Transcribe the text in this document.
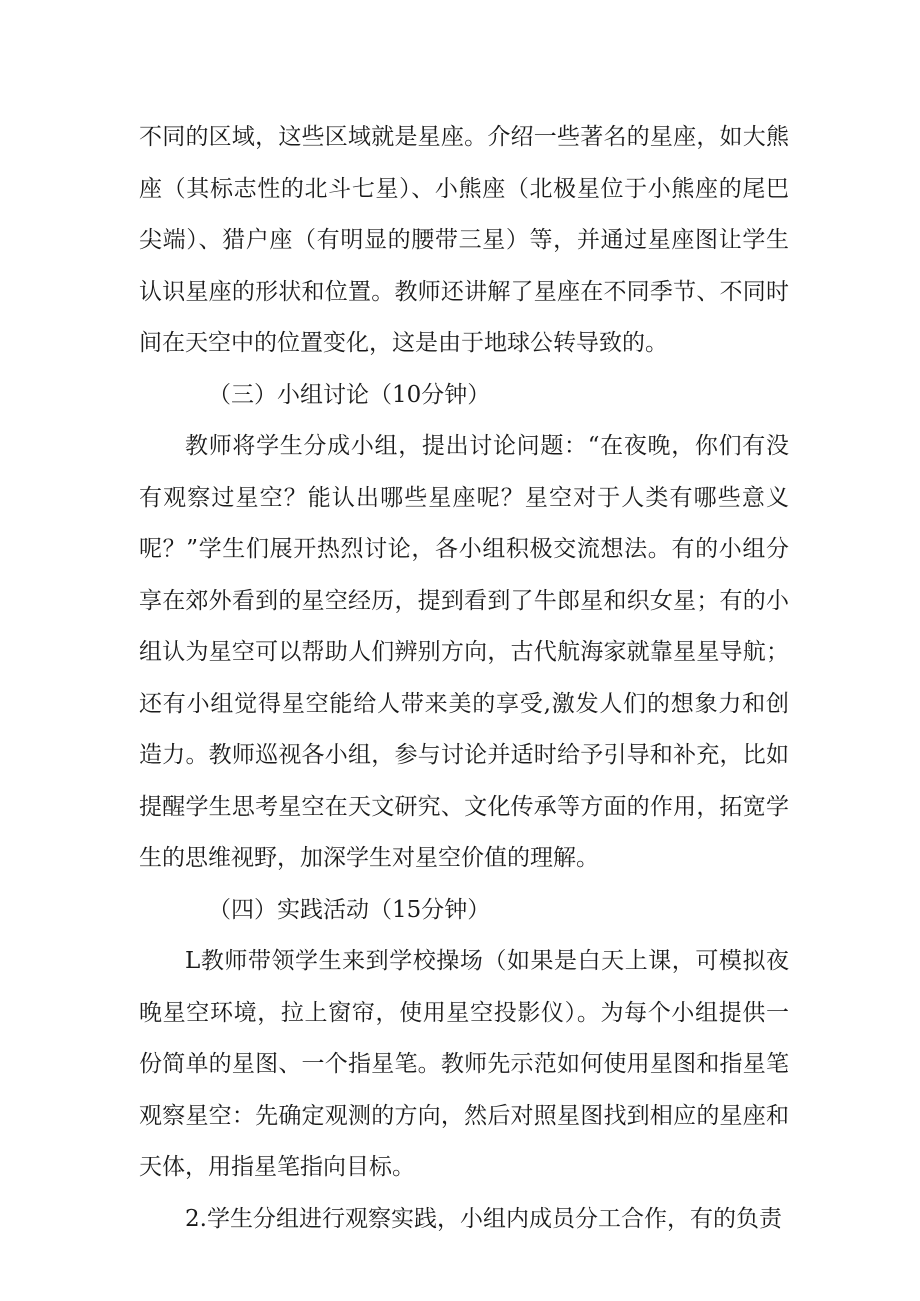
不同的区域，这些区域就是星座。介绍一些著名的星座，如大熊座（其标志性的北斗七星）、小熊座（北极星位于小熊座的尾巴尖端）、猎户座（有明显的腰带三星）等，并通过星座图让学生认识星座的形状和位置。教师还讲解了星座在不同季节、不同时间在天空中的位置变化，这是由于地球公转导致的。

（三）小组讨论（10分钟）

教师将学生分成小组，提出讨论问题：“在夜晚，你们有没有观察过星空？能认出哪些星座呢？星空对于人类有哪些意义呢？”学生们展开热烈讨论，各小组积极交流想法。有的小组分享在郊外看到的星空经历，提到看到了牛郎星和织女星；有的小组认为星空可以帮助人们辨别方向，古代航海家就靠星星导航；还有小组觉得星空能给人带来美的享受,激发人们的想象力和创造力。教师巡视各小组，参与讨论并适时给予引导和补充，比如提醒学生思考星空在天文研究、文化传承等方面的作用，拓宽学生的思维视野，加深学生对星空价值的理解。

（四）实践活动（15分钟）

L教师带领学生来到学校操场（如果是白天上课，可模拟夜晚星空环境，拉上窗帘，使用星空投影仪）。为每个小组提供一份简单的星图、一个指星笔。教师先示范如何使用星图和指星笔观察星空：先确定观测的方向，然后对照星图找到相应的星座和天体，用指星笔指向目标。

2.学生分组进行观察实践，小组内成员分工合作，有的负责
